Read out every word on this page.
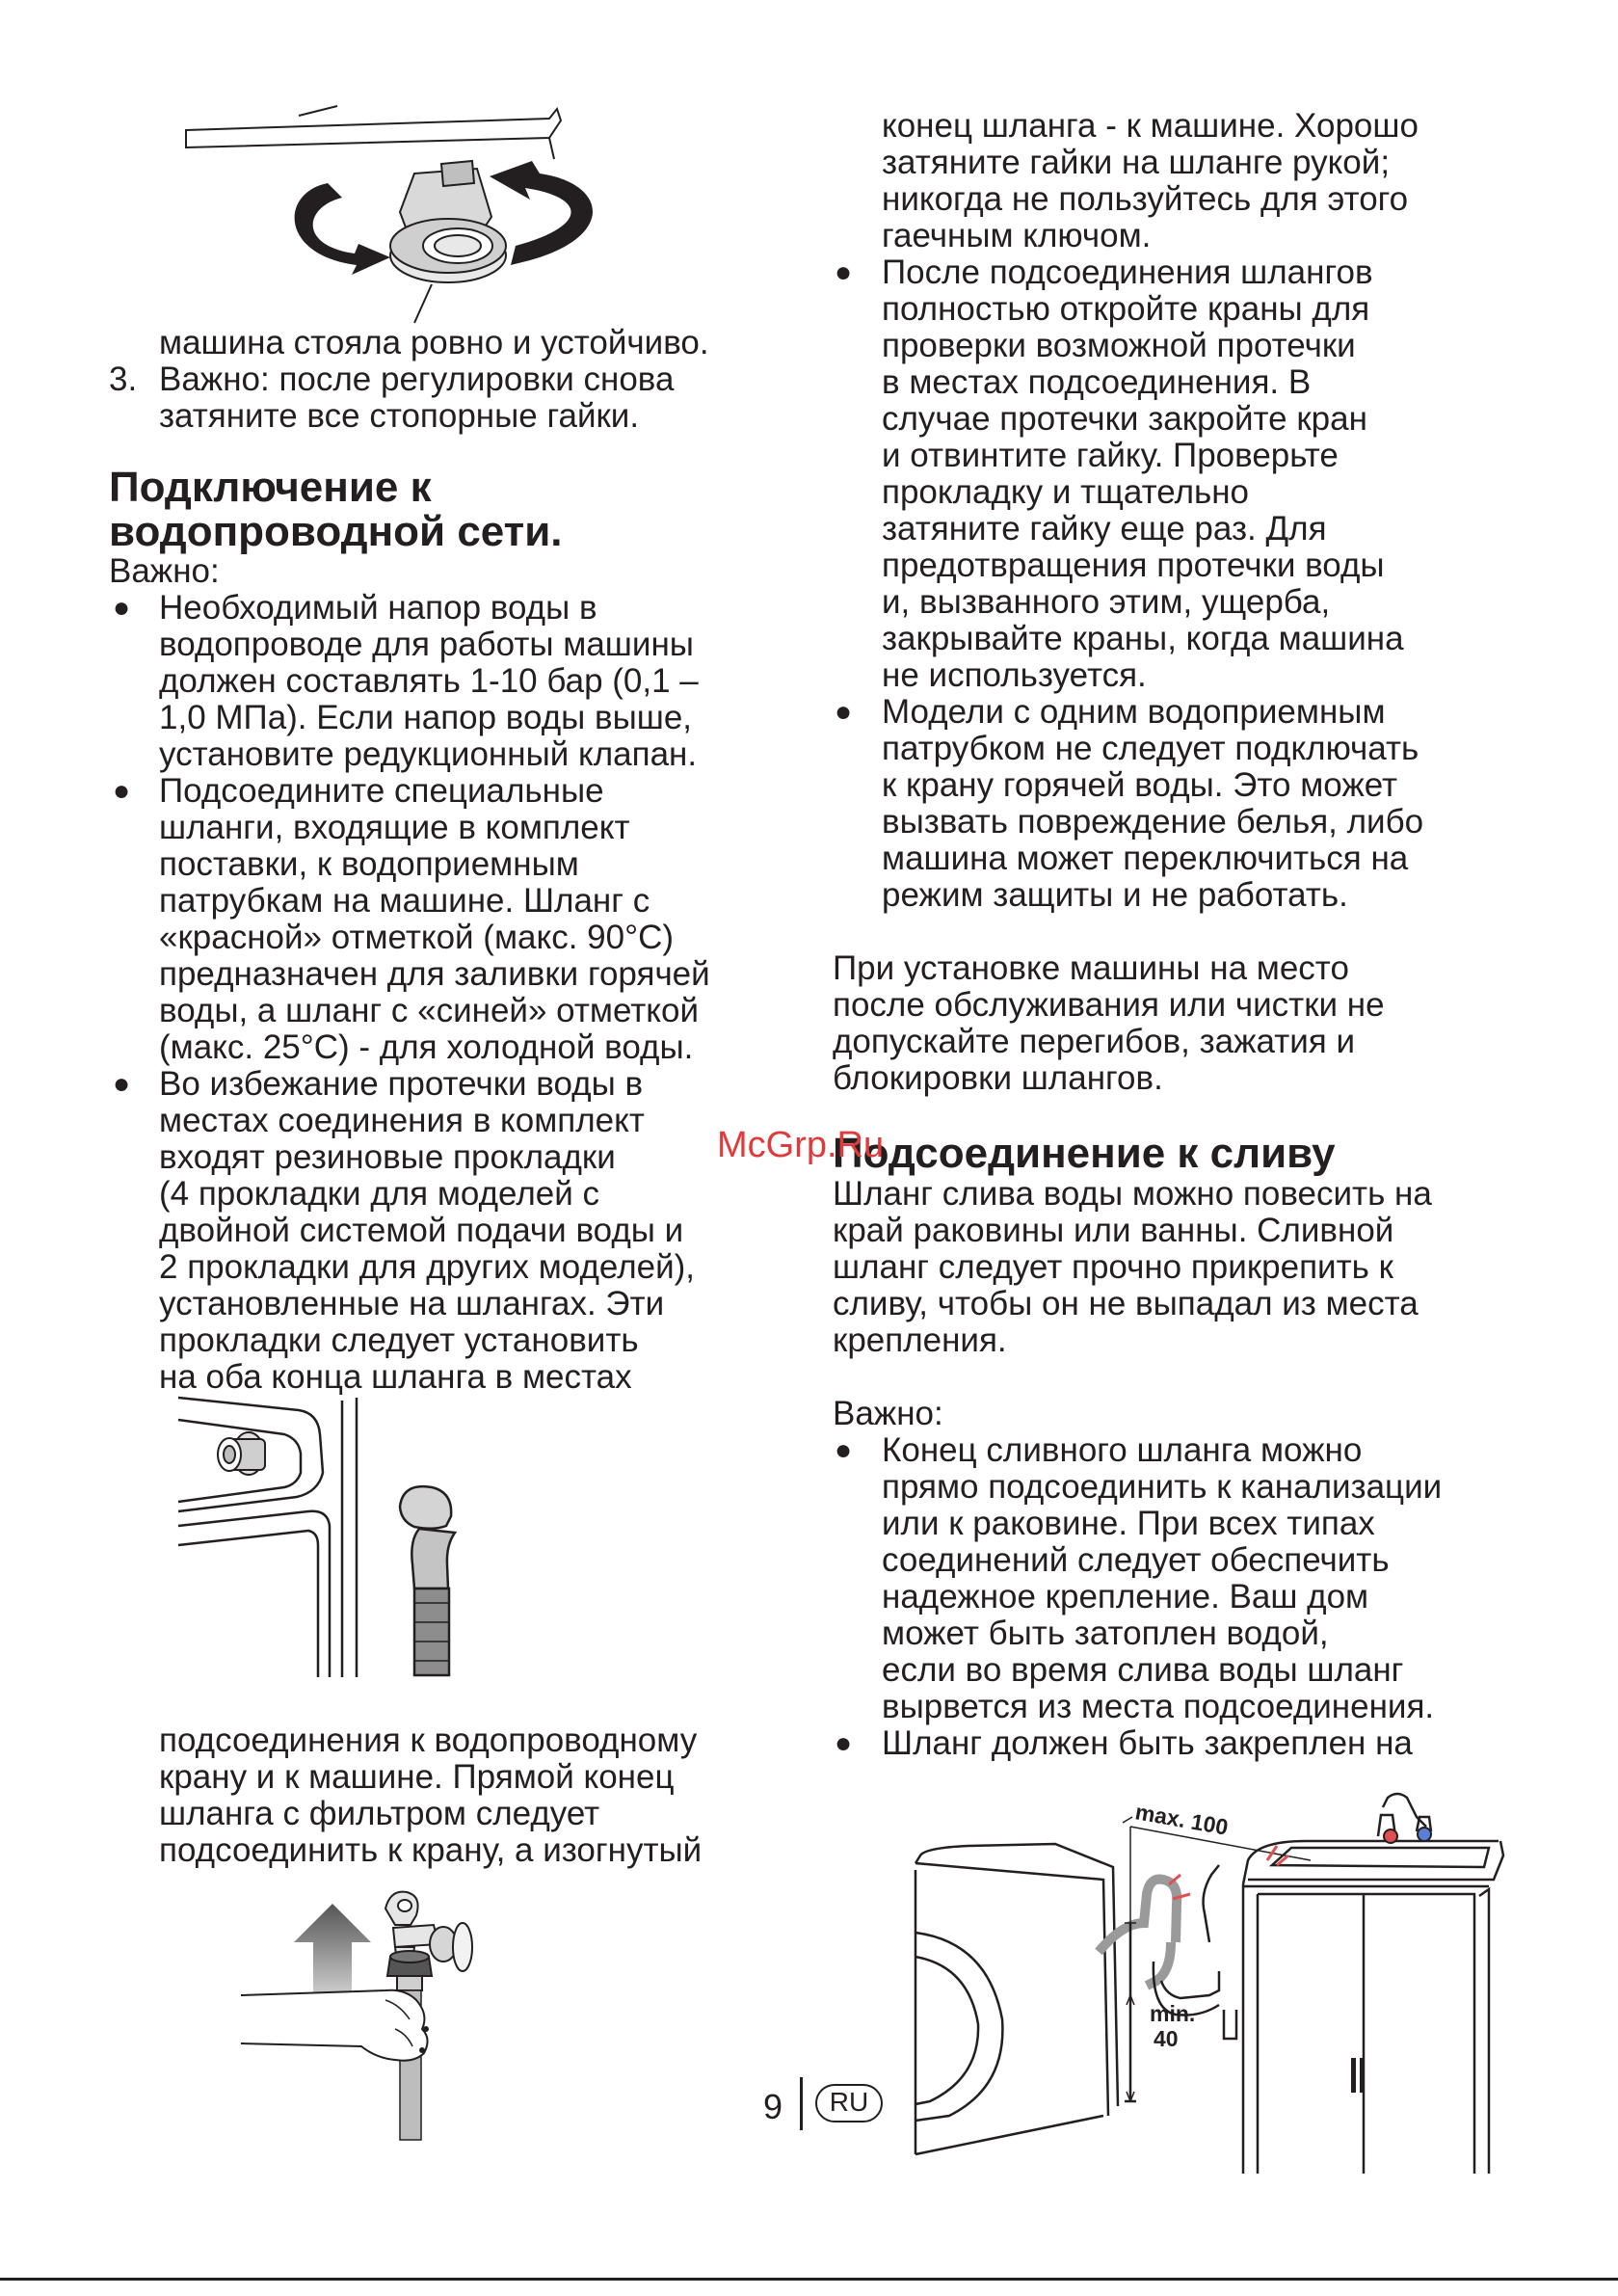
машина стояла ровно и устойчиво.
3. Важно: после регулировки снова
затяните все стопорные гайки.
Подключение к
водопроводной сети.
Важно:
● Необходимый напор воды в
водопроводе для работы машины
должен составлять 1-10 бар (0,1 –
1,0 МПа). Если напор воды выше,
установите редукционный клапан.
● Подсоедините специальные
шланги, входящие в комплект
поставки, к водоприемным
патрубкам на машине. Шланг с
«красной» отметкой (макс. 90°С)
предназначен для заливки горячей
воды, а шланг с «синей» отметкой
(макс. 25°С) - для холодной воды.
● Во избежание протечки воды в
местах соединения в комплект
входят резиновые прокладки
(4 прокладки для моделей с
двойной системой подачи воды и
2 прокладки для других моделей),
установленные на шлангах. Эти
прокладки следует установить
на оба конца шланга в местах
подсоединения к водопроводному
крану и к машине. Прямой конец
шланга с фильтром следует
подсоединить к крану, а изогнутый
конец шланга - к машине. Хорошо
затяните гайки на шланге рукой;
никогда не пользуйтесь для этого
гаечным ключом.
● После подсоединения шлангов
полностью откройте краны для
проверки возможной протечки
в местах подсоединения. В
случае протечки закройте кран
и отвинтите гайку. Проверьте
прокладку и тщательно
затяните гайку еще раз. Для
предотвращения протечки воды
и, вызванного этим, ущерба,
закрывайте краны, когда машина
не используется.
● Модели с одним водоприемным
патрубком не следует подключать
к крану горячей воды. Это может
вызвать повреждение белья, либо
машина может переключиться на
режим защиты и не работать.
При установке машины на место
после обслуживания или чистки не
допускайте перегибов, зажатия и
блокировки шлангов.
Подсоединение к сливу
McGrp.Ru
Шланг слива воды можно повесить на
край раковины или ванны. Сливной
шланг следует прочно прикрепить к
сливу, чтобы он не выпадал из места
крепления.
Важно:
● Конец сливного шланга можно
прямо подсоединить к канализации
или к раковине. При всех типах
соединений следует обеспечить
надежное крепление. Ваш дом
может быть затоплен водой,
если во время слива воды шланг
вырвется из места подсоединения.
● Шланг должен быть закреплен на
max. 100
min.
40
9	RU
